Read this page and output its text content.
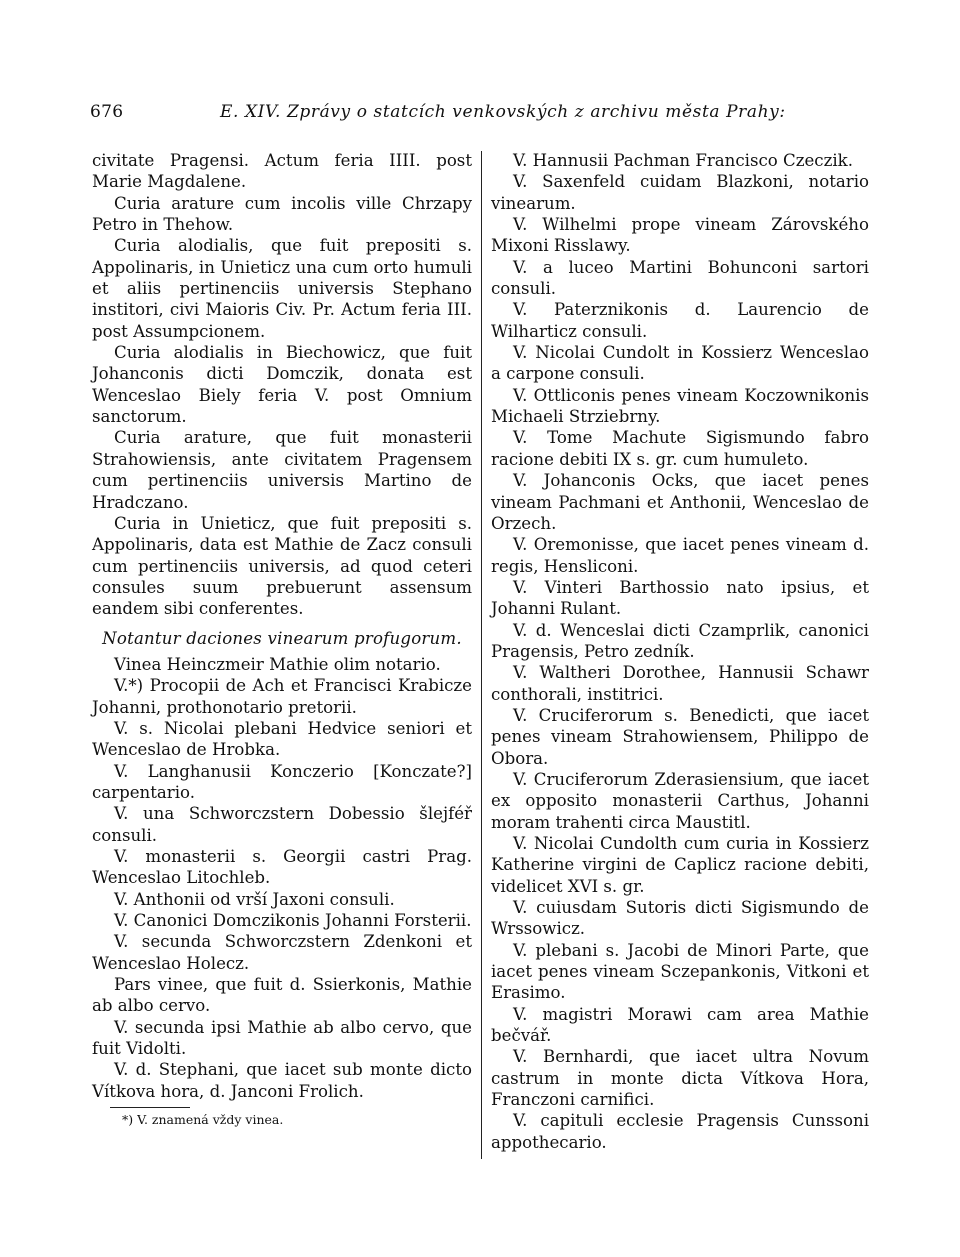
676	E. XIV. Zprávy o statcích venkovských z archivu města Prahy:

civitate Pragensi. Actum feria IIII. post Marie Magdalene.

Curia arature cum incolis ville Chrzapy Petro in Thehow.

Curia alodialis, que fuit prepositi s. Appolinaris, in Unieticz una cum orto humuli et aliis pertinenciis universis Stephano institori, civi Maioris Civ. Pr. Actum feria III. post Assumpcionem.

Curia alodialis in Biechowicz, que fuit Johanconis dicti Domczik, donata est Wenceslao Biely feria V. post Omnium sanctorum.

Curia arature, que fuit monasterii Strahowiensis, ante civitatem Pragensem cum pertinenciis universis Martino de Hradczano.

Curia in Unieticz, que fuit prepositi s. Appolinaris, data est Mathie de Zacz consuli cum pertinenciis universis, ad quod ceteri consules suum prebuerunt assensum eandem sibi conferentes.

Notantur daciones vinearum profugorum.

Vinea Heinczmeir Mathie olim notario.

V.*) Procopii de Ach et Francisci Krabicze Johanni, prothonotario pretorii.

V. s. Nicolai plebani Hedvice seniori et Wenceslao de Hrobka.

V. Langhanusii Konczerio [Konczate?] carpentario.

V. una Schworczstern Dobessio šlejféř consuli.

V. monasterii s. Georgii castri Prag. Wenceslao Litochleb.

V. Anthonii od vrší Jaxoni consuli.

V. Canonici Domczikonis Johanni Forsterii.

V. secunda Schworczstern Zdenkoni et Wenceslao Holecz.

Pars vinee, que fuit d. Ssierkonis, Mathie ab albo cervo.

V. secunda ipsi Mathie ab albo cervo, que fuit Vidolti.

V. d. Stephani, que iacet sub monte dicto Vítkova hora, d. Janconi Frolich.

*) V. znamená vždy vinea.

V. Hannusii Pachman Francisco Czeczik.

V. Saxenfeld cuidam Blazkoni, notario vinearum.

V. Wilhelmi prope vineam Zárovského Mixoni Risslawy.

V. a luceo Martini Bohunconi sartori consuli.

V. Paterznikonis d. Laurencio de Wilharticz consuli.

V. Nicolai Cundolt in Kossierz Wenceslao a carpone consuli.

V. Ottliconis penes vineam Koczownikonis Michaeli Strziebrny.

V. Tome Machute Sigismundo fabro racione debiti IX s. gr. cum humuleto.

V. Johanconis Ocks, que iacet penes vineam Pachmani et Anthonii, Wenceslao de Orzech.

V. Oremonisse, que iacet penes vineam d. regis, Hensliconi.

V. Vinteri Barthossio nato ipsius, et Johanni Rulant.

V. d. Wenceslai dicti Czamprlik, canonici Pragensis, Petro zedník.

V. Waltheri Dorothee, Hannusii Schawr conthorali, institrici.

V. Cruciferorum s. Benedicti, que iacet penes vineam Strahowiensem, Philippo de Obora.

V. Cruciferorum Zderasiensium, que iacet ex opposito monasterii Carthus, Johanni moram trahenti circa Maustitl.

V. Nicolai Cundolth cum curia in Kossierz Katherine virgini de Caplicz racione debiti, videlicet XVI s. gr.

V. cuiusdam Sutoris dicti Sigismundo de Wrssowicz.

V. plebani s. Jacobi de Minori Parte, que iacet penes vineam Sczepankonis, Vitkoni et Erasimo.

V. magistri Morawi cam area Mathie bečvář.

V. Bernhardi, que iacet ultra Novum castrum in monte dicta Vítkova Hora, Franczoni carnifici.

V. capituli ecclesie Pragensis Cunssoni appothecario.
